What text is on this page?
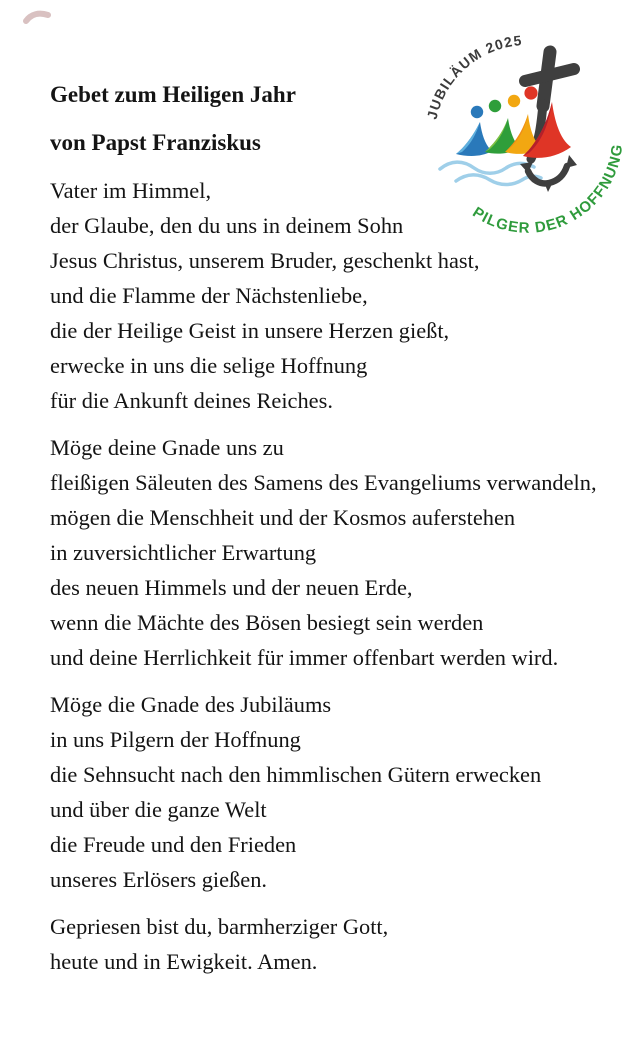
JUBILÄUM 2025
PILGER DER HOFFNUNG
Gebet zum Heiligen Jahr
von Papst Franziskus

Vater im Himmel,
der Glaube, den du uns in deinem Sohn
Jesus Christus, unserem Bruder, geschenkt hast,
und die Flamme der Nächstenliebe,
die der Heilige Geist in unsere Herzen gießt,
erwecke in uns die selige Hoffnung
für die Ankunft deines Reiches.

Möge deine Gnade uns zu
fleißigen Säleuten des Samens des Evangeliums verwandeln,
mögen die Menschheit und der Kosmos auferstehen
in zuversichtlicher Erwartung
des neuen Himmels und der neuen Erde,
wenn die Mächte des Bösen besiegt sein werden
und deine Herrlichkeit für immer offenbart werden wird.

Möge die Gnade des Jubiläums
in uns Pilgern der Hoffnung
die Sehnsucht nach den himmlischen Gütern erwecken
und über die ganze Welt
die Freude und den Frieden
unseres Erlösers gießen.

Gepriesen bist du, barmherziger Gott,
heute und in Ewigkeit. Amen.
